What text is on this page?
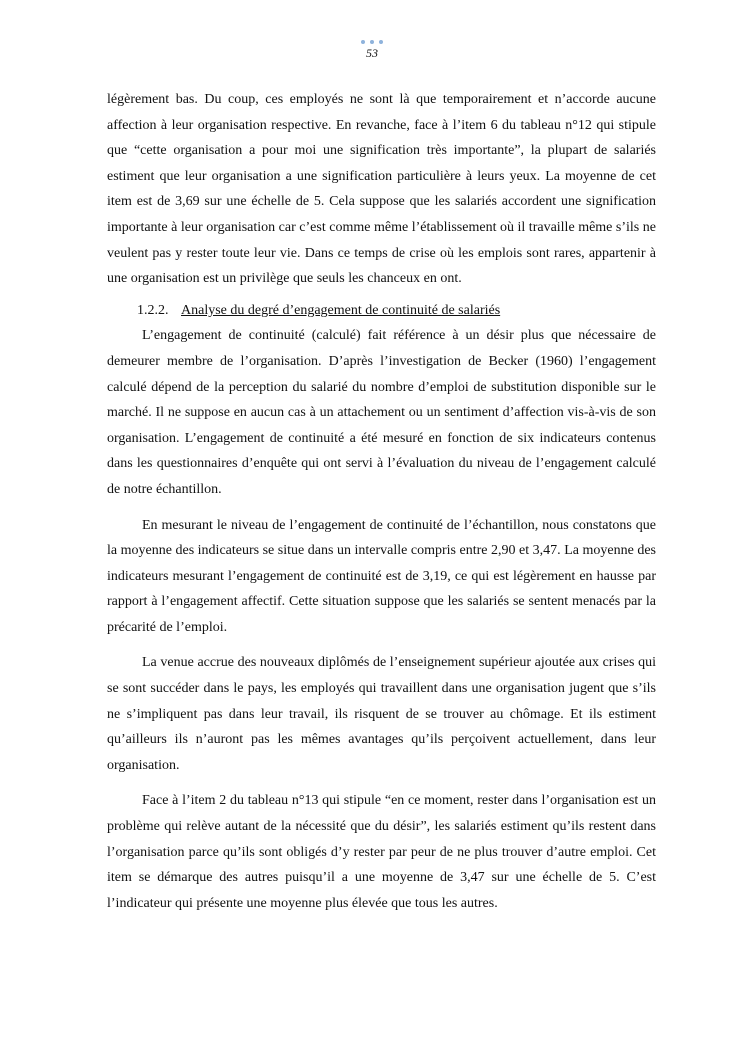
53

légèrement bas. Du coup, ces employés ne sont là que temporairement et n’accorde aucune affection à leur organisation respective. En revanche, face à l’item 6 du tableau n°12 qui stipule que “cette organisation a pour moi une signification très importante”, la plupart de salariés estiment que leur organisation a une signification particulière à leurs yeux. La moyenne de cet item est de 3,69 sur une échelle de 5. Cela suppose que les salariés accordent une signification importante à leur organisation car c’est comme même l’établissement où il travaille même s’ils ne veulent pas y rester toute leur vie. Dans ce temps de crise où les emplois sont rares, appartenir à une organisation est un privilège que seuls les chanceux en ont.

1.2.2. Analyse du degré d’engagement de continuité de salariés

L’engagement de continuité (calculé) fait référence à un désir plus que nécessaire de demeurer membre de l’organisation. D’après l’investigation de Becker (1960) l’engagement calculé dépend de la perception du salarié du nombre d’emploi de substitution disponible sur le marché. Il ne suppose en aucun cas à un attachement ou un sentiment d’affection vis-à-vis de son organisation. L’engagement de continuité a été mesuré en fonction de six indicateurs contenus dans les questionnaires d’enquête qui ont servi à l’évaluation du niveau de l’engagement calculé de notre échantillon.

En mesurant le niveau de l’engagement de continuité de l’échantillon, nous constatons que la moyenne des indicateurs se situe dans un intervalle compris entre 2,90 et 3,47. La moyenne des indicateurs mesurant l’engagement de continuité est de 3,19, ce qui est légèrement en hausse par rapport à l’engagement affectif. Cette situation suppose que les salariés se sentent menacés par la précarité de l’emploi.

La venue accrue des nouveaux diplômés de l’enseignement supérieur ajoutée aux crises qui se sont succéder dans le pays, les employés qui travaillent dans une organisation jugent que s’ils ne s’impliquent pas dans leur travail, ils risquent de se trouver au chômage. Et ils estiment qu’ailleurs ils n’auront pas les mêmes avantages qu’ils perçoivent actuellement, dans leur organisation.

Face à l’item 2 du tableau n°13 qui stipule “en ce moment, rester dans l’organisation est un problème qui relève autant de la nécessité que du désir”, les salariés estiment qu’ils restent dans l’organisation parce qu’ils sont obligés d’y rester par peur de ne plus trouver d’autre emploi. Cet item se démarque des autres puisqu’il a une moyenne de 3,47 sur une échelle de 5. C’est l’indicateur qui présente une moyenne plus élevée que tous les autres.
